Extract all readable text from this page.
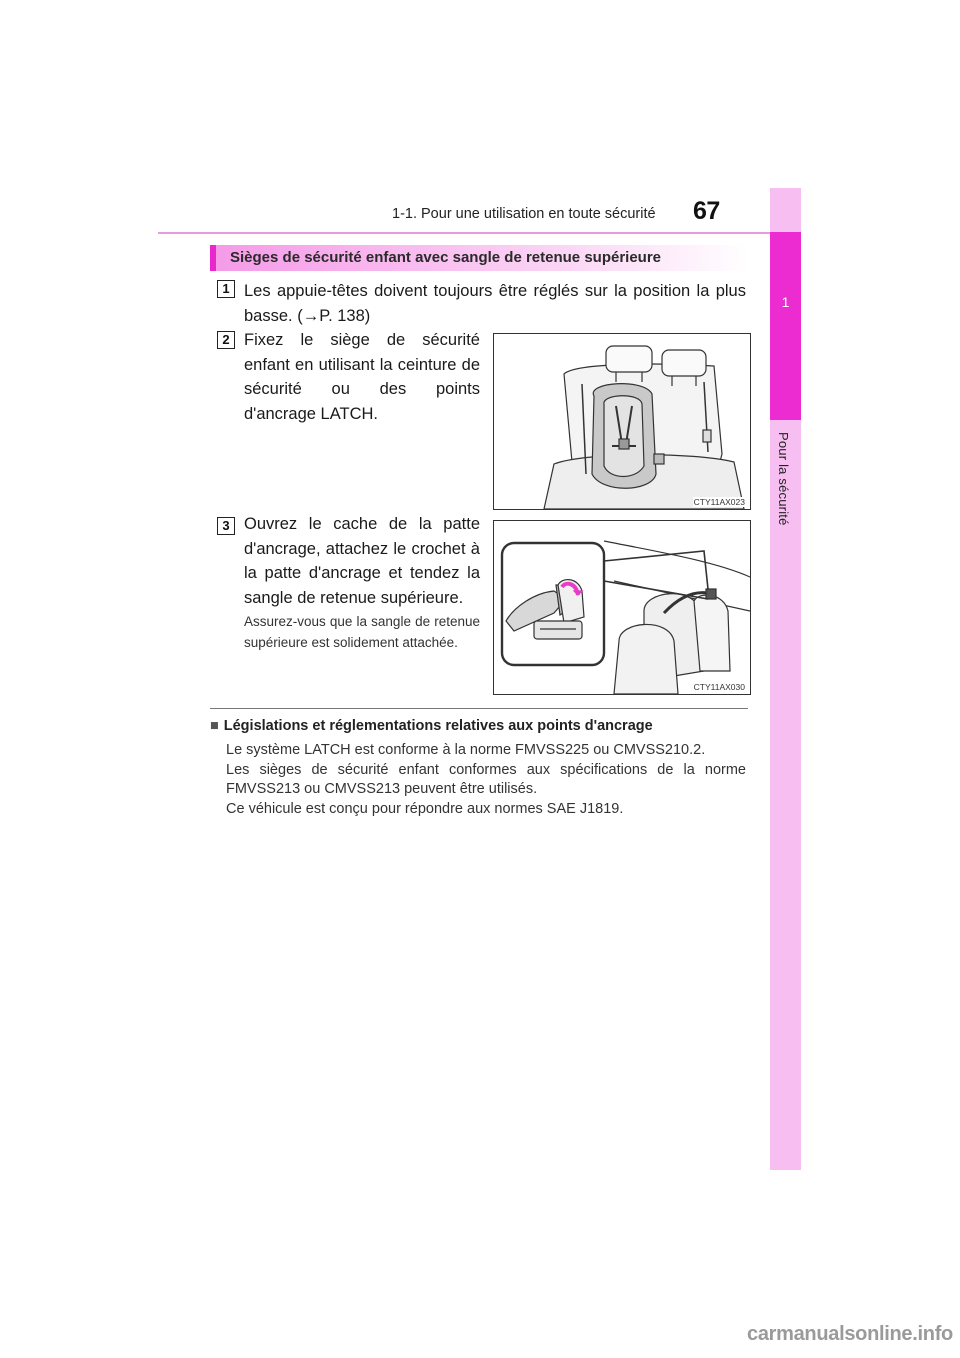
1-1. Pour une utilisation en toute sécurité 67
1
Pour la sécurité
Sièges de sécurité enfant avec sangle de retenue supérieure
1 Les appuie-têtes doivent toujours être réglés sur la position la plus basse. (→P. 138)
2 Fixez le siège de sécurité enfant en utilisant la ceinture de sécurité ou des points d'ancrage LATCH.
CTY11AX023
3 Ouvrez le cache de la patte d'ancrage, attachez le crochet à la patte d'ancrage et tendez la sangle de retenue supérieure.
Assurez-vous que la sangle de retenue supérieure est solidement attachée.
CTY11AX030
■ Législations et réglementations relatives aux points d'ancrage
Le système LATCH est conforme à la norme FMVSS225 ou CMVSS210.2.
Les sièges de sécurité enfant conformes aux spécifications de la norme
FMVSS213 ou CMVSS213 peuvent être utilisés.
Ce véhicule est conçu pour répondre aux normes SAE J1819.
carmanualsonline.info
